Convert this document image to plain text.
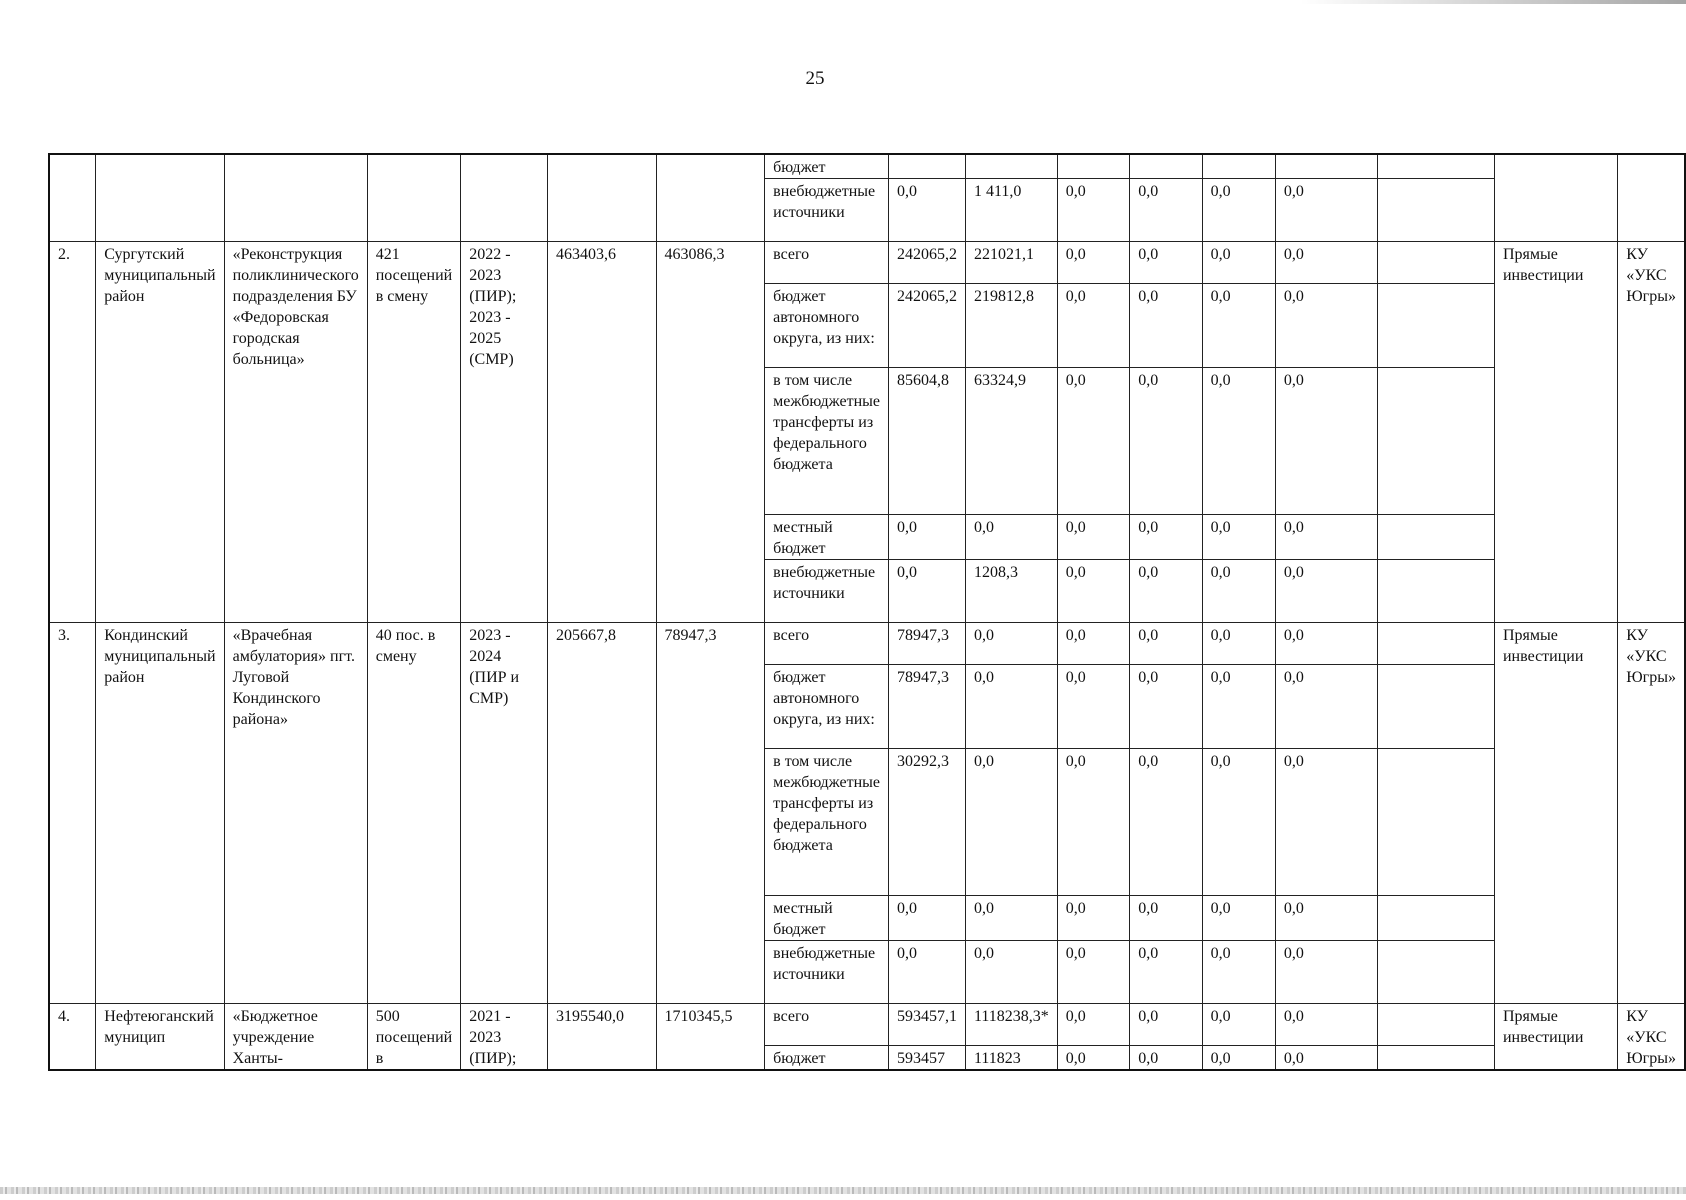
25
							бюджет									
							внебюджетные источники	0,0	1 411,0	0,0	0,0	0,0	0,0			
2.	Сургутский муниципальный район	«Реконструкция поликлинического подразделения БУ «Федоровская городская больница»	421 посещений в смену	2022 - 2023 (ПИР); 2023 - 2025 (СМР)	463403,6	463086,3	всего	242065,2	221021,1	0,0	0,0	0,0	0,0		Прямые инвестиции	КУ «УКС Югры»
							бюджет автономного округа, из них:	242065,2	219812,8	0,0	0,0	0,0	0,0			
							в том числе межбюджетные трансферты из федерального бюджета	85604,8	63324,9	0,0	0,0	0,0	0,0			
							местный бюджет	0,0	0,0	0,0	0,0	0,0	0,0			
							внебюджетные источники	0,0	1208,3	0,0	0,0	0,0	0,0			
3.	Кондинский муниципальный район	«Врачебная амбулатория» пгт. Луговой Кондинского района»	40 пос. в смену	2023 - 2024 (ПИР и СМР)	205667,8	78947,3	всего	78947,3	0,0	0,0	0,0	0,0	0,0		Прямые инвестиции	КУ «УКС Югры»
							бюджет автономного округа, из них:	78947,3	0,0	0,0	0,0	0,0	0,0			
							в том числе межбюджетные трансферты из федерального бюджета	30292,3	0,0	0,0	0,0	0,0	0,0			
							местный бюджет	0,0	0,0	0,0	0,0	0,0	0,0			
							внебюджетные источники	0,0	0,0	0,0	0,0	0,0	0,0			
4.	Нефтеюганский муницип	«Бюджетное учреждение Ханты-	500 посещений в	2021 - 2023 (ПИР);	3195540,0	1710345,5	всего	593457,1	1118238,3*	0,0	0,0	0,0	0,0		Прямые инвестиции	КУ «УКС Югры»
							бюджет	593457	111823	0,0	0,0	0,0	0,0			
